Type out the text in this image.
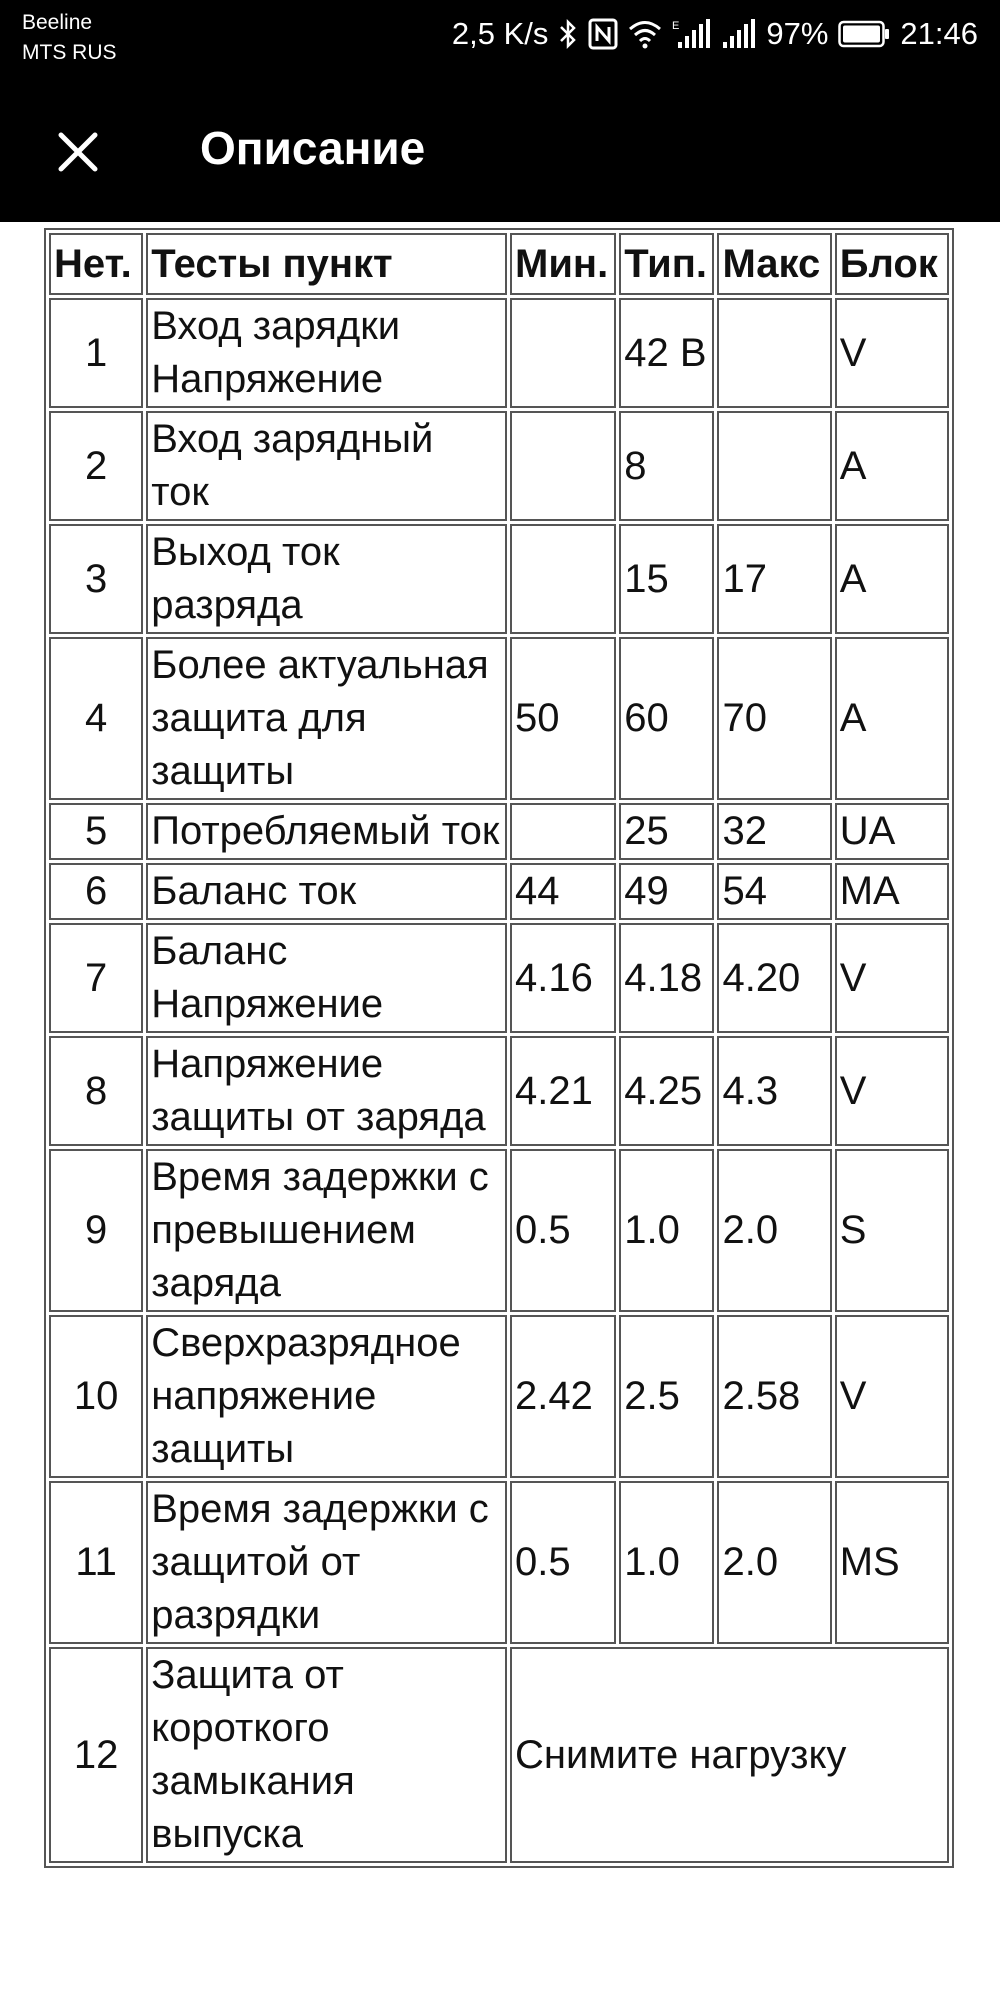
Beeline
MTS RUS
2,5 K/s	E	97% 21:46
Описание
Нет.	Тесты пункт	Мин.	Тип.	Макс	Блок
1	Вход зарядки Напряжение		42 В		V
2	Вход зарядный ток		8		A
3	Выход ток разряда		15	17	A
4	Более актуальная защита для защиты	50	60	70	A
5	Потребляемый ток		25	32	UA
6	Баланс ток	44	49	54	MA
7	Баланс Напряжение	4.16	4.18	4.20	V
8	Напряжение защиты от заряда	4.21	4.25	4.3	V
9	Время задержки с превышением заряда	0.5	1.0	2.0	S
10	Сверхразрядное напряжение защиты	2.42	2.5	2.58	V
11	Время задержки с защитой от разрядки	0.5	1.0	2.0	MS
12	Защита от короткого замыкания выпуска	Снимите нагрузку			
